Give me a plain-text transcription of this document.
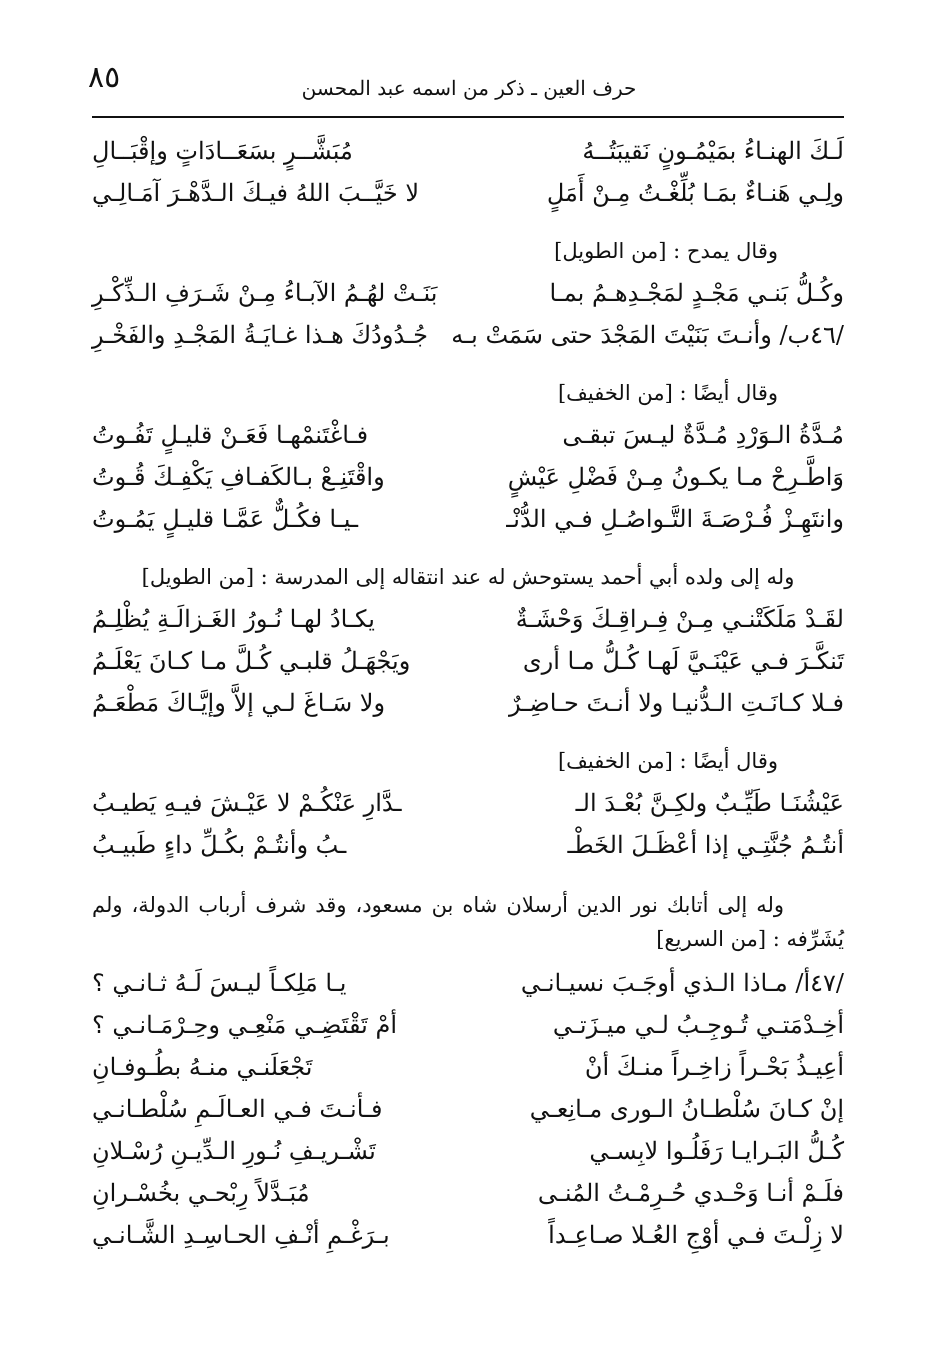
٨٥	حرف العين ـ ذكر من اسمه عبد المحسن
لَـكَ الهنـاءُ بمَيْمُـونٍ نَقيبَتُــهُ
مُبَشَّــرٍ بسَعَــادَاتٍ وإقْبَــالِ
ولِـي هَنـاءٌ بمَـا بُلِّغْـتُ مِـنْ أَمَلٍ
لا خَيَّــبَ اللهُ فيـكَ الـدَّهْـرَ آمَـالِـي
وقال يمدح : [من الطويل]
وكُـلُّ بَنـي مَجْـدٍ لمَجْـدِهـمُ بمـا
بَنَـتْ لهُـمُ الآبـاءُ مِـنْ شَـرَفِ الـذِّكْـرِ
/٤٦ب/ وأنـتَ بَنَيْتَ المَجْدَ حتى سَمَتْ بـه
جُـدُودُكَ هـذا غـايَـةُ المَجْـدِ والفَخْـرِ
وقال أيضًا : [من الخفيف]
مُـدَّةُ الـوَرْدِ مُـدَّةٌ ليـسَ تبقـى
فـاغْتَنمْهـا فَعَـنْ قليـلٍ تَفُـوتُ
وَاطَّـرِحْ مـا يكـونُ مِـنْ فَضْلِ عَيْشٍ
واقْتَنِـعْ بـالكَفـافِ يَكْفِـكَ قُـوتُ
وانتَهِـزْ فُـرْصَـةَ التَّـواصُـلِ فـي الدُّنْـ
ـيـا فكُـلٌّ عَمَّـا قليـلٍ يَمُـوتُ
وله إلى ولده أبي أحمد يستوحش له عند انتقاله إلى المدرسة : [من الطويل]
لقَـدْ مَلَكَتْنـي مِـنْ فِـراقِـكَ وَحْشَـةٌ
يكـادُ لهـا نُـورُ الغَـزالَـةِ يُظْلِـمُ
تَنكَّـرَ فـي عَيْنَـيَّ لَهـا كُـلُّ مـا أرى
ويَجْهَـلُ قلبـي كُـلَّ مـا كـانَ يَعْلَـمُ
فـلا كـانَـتِ الـدُّنيـا ولا أنـتَ حـاضِـرٌ
ولا سَـاغَ لـي إلاَّ وإيَّـاكَ مَطْعَـمُ
وقال أيضًا : [من الخفيف]
عَيْشُنَـا طَيِّـبٌ ولكِـنَّ بُعْـدَ الـ
ـدَّارِ عَنْكُـمْ لا عَيْـشَ فيـهِ يَطيـبُ
أنتُـمُ جُنَّتِـي إذا أعْظَـلَ الخَطْـ
ـبُ وأنتُـمْ بكُـلِّ داءٍ طَبيـبُ
وله إلى أتابك نور الدين أرسلان شاه بن مسعود، وقد شرف أرباب الدولة، ولم يُشَرِّفه : [من السريع]
/٤٧أ/ مـاذا الـذي أوجَـبَ نسيـانـي
يـا مَلِكـاً ليـسَ لَـهُ ثـانـي ؟
أخِـدْمَتـي تُـوجِـبُ لـي ميـزَتـي
أمْ تَقْتَضِـي مَنْعِـي وحِـرْمَـانـي ؟
أعِيـذُ بَحْـراً زاخِـراً منـكَ أنْ
تَجْعَلَنـي منـهُ بطُـوفـانِ
إنْ كـانَ سُلْطـانُ الـورى مـانِعـي
فـأنـتَ فـي العـالَـمِ سُلْطـانـي
كُـلُّ البَـرايـا رَفَلُـوا لابِسـي
تَشْـريـفِ نُـورِ الـدِّيـنِ رُسْـلانِ
فلَـمْ أنـا وَحْـدي حُـرِمْـتُ المُنـى
مُبَـدَّلاً رِبْحـي بخُسْـرانِ
لا زِلْـتَ فـي أوْجِ العُـلا صـاعِـداً
بـرَغْـمِ أنْـفِ الحـاسِـدِ الشَّـانـي
